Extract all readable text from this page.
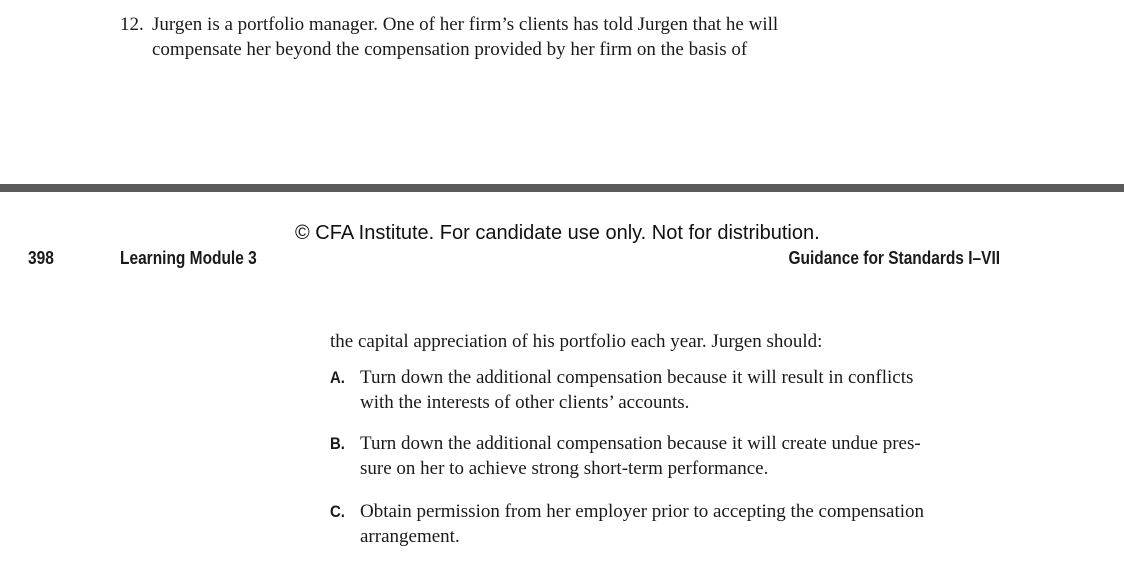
12. Jurgen is a portfolio manager. One of her firm’s clients has told Jurgen that he will
compensate her beyond the compensation provided by her firm on the basis of
© CFA Institute. For candidate use only. Not for distribution.
398	Learning Module 3	Guidance for Standards I–VII
the capital appreciation of his portfolio each year. Jurgen should:
A. Turn down the additional compensation because it will result in conflicts
with the interests of other clients’ accounts.
B. Turn down the additional compensation because it will create undue pres-
sure on her to achieve strong short-term performance.
C. Obtain permission from her employer prior to accepting the compensation
arrangement.
